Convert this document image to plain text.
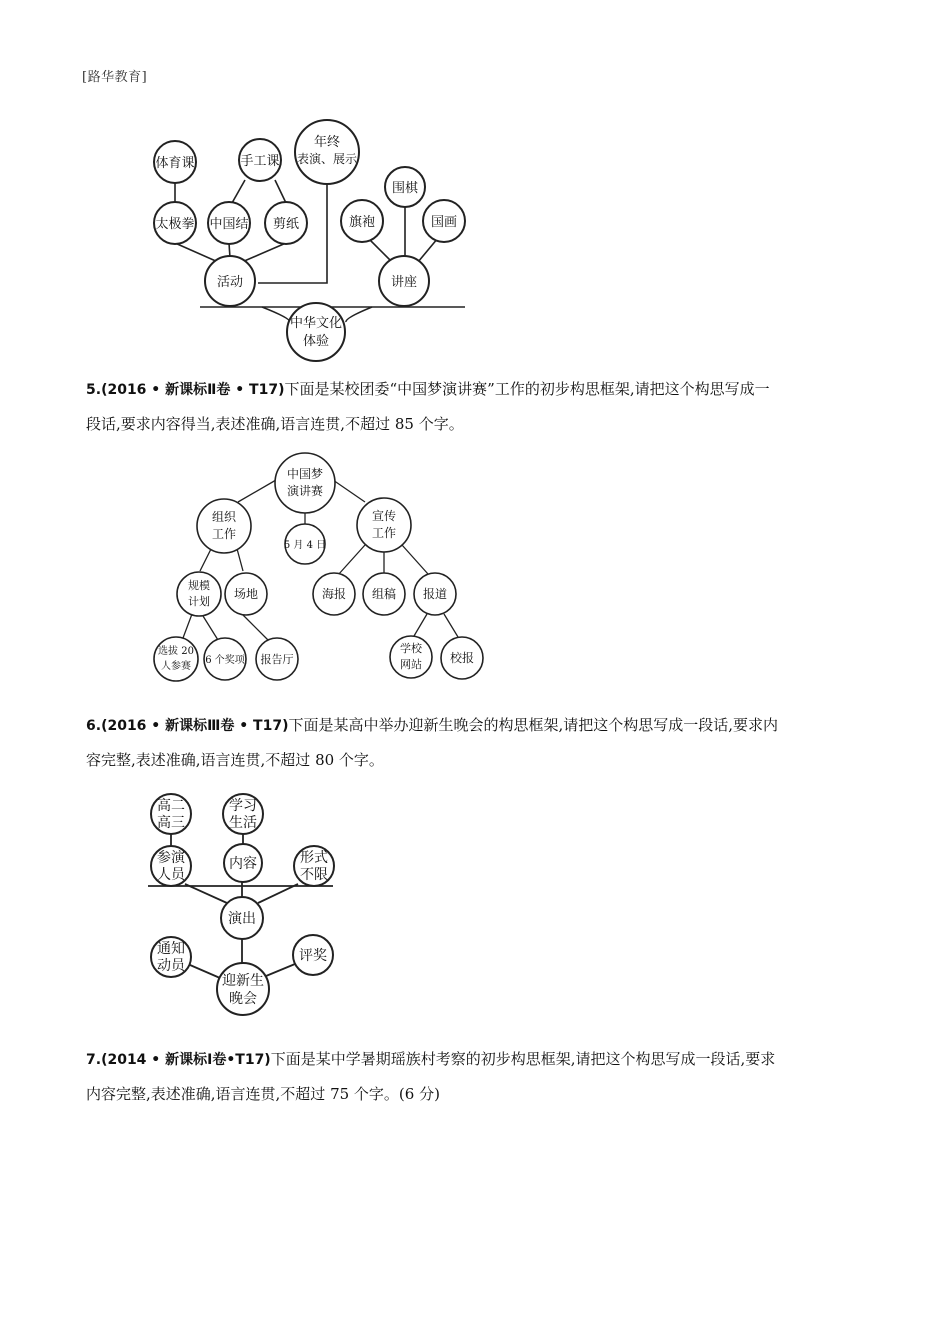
[路华教育]
体育课	手工课
年终
表演、展示
太极拳 中国结 剪纸
围棋
旗袍	国画
活动	讲座
中华文化
体验
5.(2016 • 新课标Ⅱ卷 • T17)下面是某校团委“中国梦演讲赛”工作的初步构思框架,请把这个构思写成一
段话,要求内容得当,表述准确,语言连贯,不超过 85 个字。
中国梦
演讲赛
组织
工作
5 月 4 日
宣传
工作
规模
计划
场地	海报 组稿 报道
选拔 20
人参赛
6 个奖项 报告厅
学校
网站 校报
6.(2016 • 新课标Ⅲ卷 • T17)下面是某高中举办迎新生晚会的构思框架,请把这个构思写成一段话,要求内
容完整,表述准确,语言连贯,不超过 80 个字。
高二
高三
学习
生活
参演
人员
内容	形式
不限
演出
通知
动员
评奖
迎新生
晚会
7.(2014 • 新课标Ⅰ卷•T17)下面是某中学暑期瑶族村考察的初步构思框架,请把这个构思写成一段话,要求
内容完整,表述准确,语言连贯,不超过 75 个字。(6 分)
